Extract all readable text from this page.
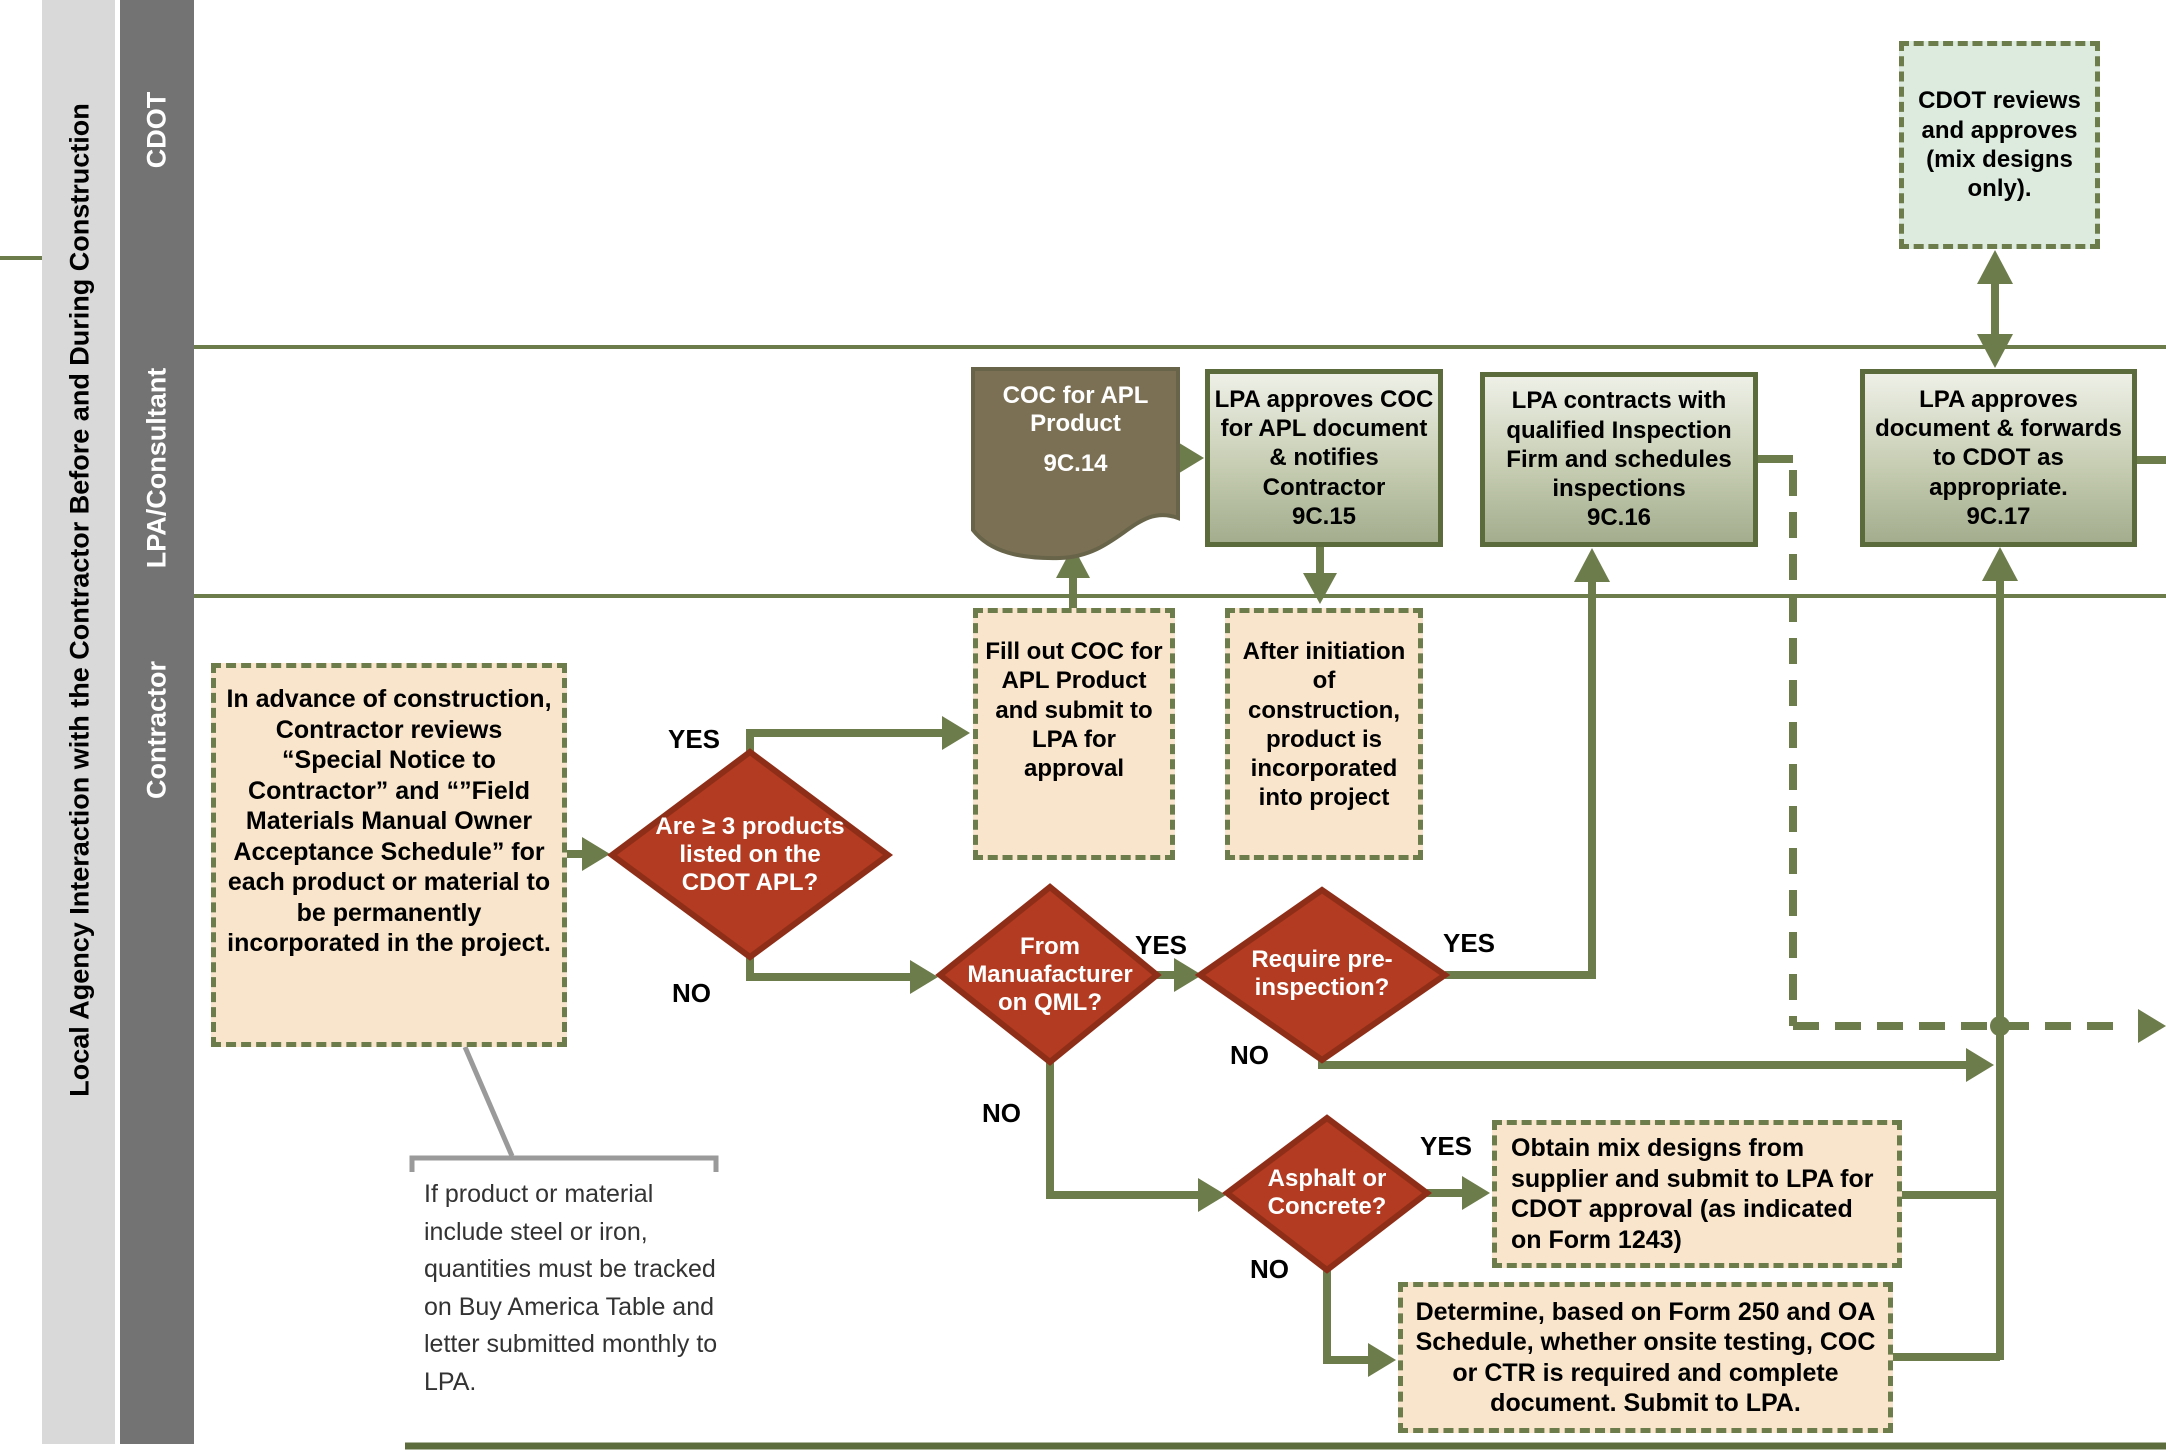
Local Agency Interaction with the Contractor Before and During Construction CDOT
LPA/Consultant
Contractor
CDOT reviews and approves (mix designs only).
COC for APL Product
9C.14
LPA approves COC for APL document & notifies Contractor
9C.15
LPA contracts with qualified Inspection Firm and schedules inspections
9C.16
LPA approves document & forwards to CDOT as appropriate.
9C.17
In advance of construction, Contractor reviews “Special Notice to Contractor” and “”Field Materials Manual Owner Acceptance Schedule” for each product or material to be permanently incorporated in the project.
Fill out COC for APL Product and submit to LPA for approval
After initiation of construction, product is incorporated into project
Obtain mix designs from supplier and submit to LPA for CDOT approval (as indicated on Form 1243)
Determine, based on Form 250 and OA Schedule, whether onsite testing, COC or CTR is required and complete document. Submit to LPA.
Are ≥ 3 products listed on the CDOT APL?
From Manuafacturer on QML?
Require pre-inspection?
Asphalt or Concrete?
YES
NO
YES
NO
YES
NO
YES
NO
If product or material include steel or iron, quantities must be tracked on Buy America Table and letter submitted monthly to LPA.
